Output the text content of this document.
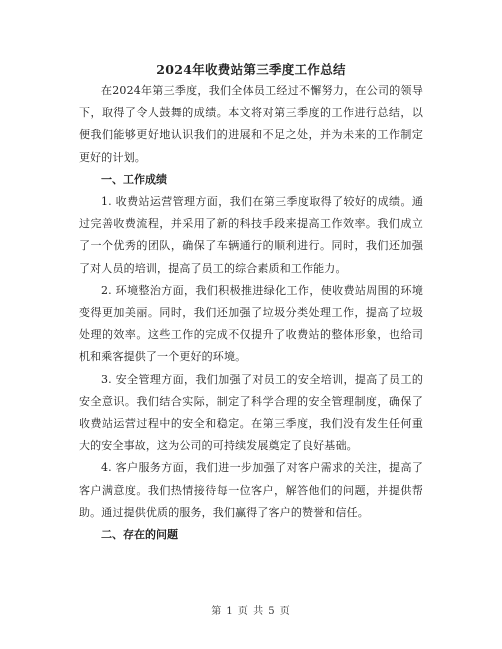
2024年收费站第三季度工作总结

在2024年第三季度，我们全体员工经过不懈努力，在公司的领导下，取得了令人鼓舞的成绩。本文将对第三季度的工作进行总结，以便我们能够更好地认识我们的进展和不足之处，并为未来的工作制定更好的计划。

一、工作成绩

1. 收费站运营管理方面，我们在第三季度取得了较好的成绩。通过完善收费流程，并采用了新的科技手段来提高工作效率。我们成立了一个优秀的团队，确保了车辆通行的顺利进行。同时，我们还加强了对人员的培训，提高了员工的综合素质和工作能力。

2. 环境整治方面，我们积极推进绿化工作，使收费站周围的环境变得更加美丽。同时，我们还加强了垃圾分类处理工作，提高了垃圾处理的效率。这些工作的完成不仅提升了收费站的整体形象，也给司机和乘客提供了一个更好的环境。

3. 安全管理方面，我们加强了对员工的安全培训，提高了员工的安全意识。我们结合实际，制定了科学合理的安全管理制度，确保了收费站运营过程中的安全和稳定。在第三季度，我们没有发生任何重大的安全事故，这为公司的可持续发展奠定了良好基础。

4. 客户服务方面，我们进一步加强了对客户需求的关注，提高了客户满意度。我们热情接待每一位客户，解答他们的问题，并提供帮助。通过提供优质的服务，我们赢得了客户的赞誉和信任。

二、存在的问题

第 1 页 共 5 页
